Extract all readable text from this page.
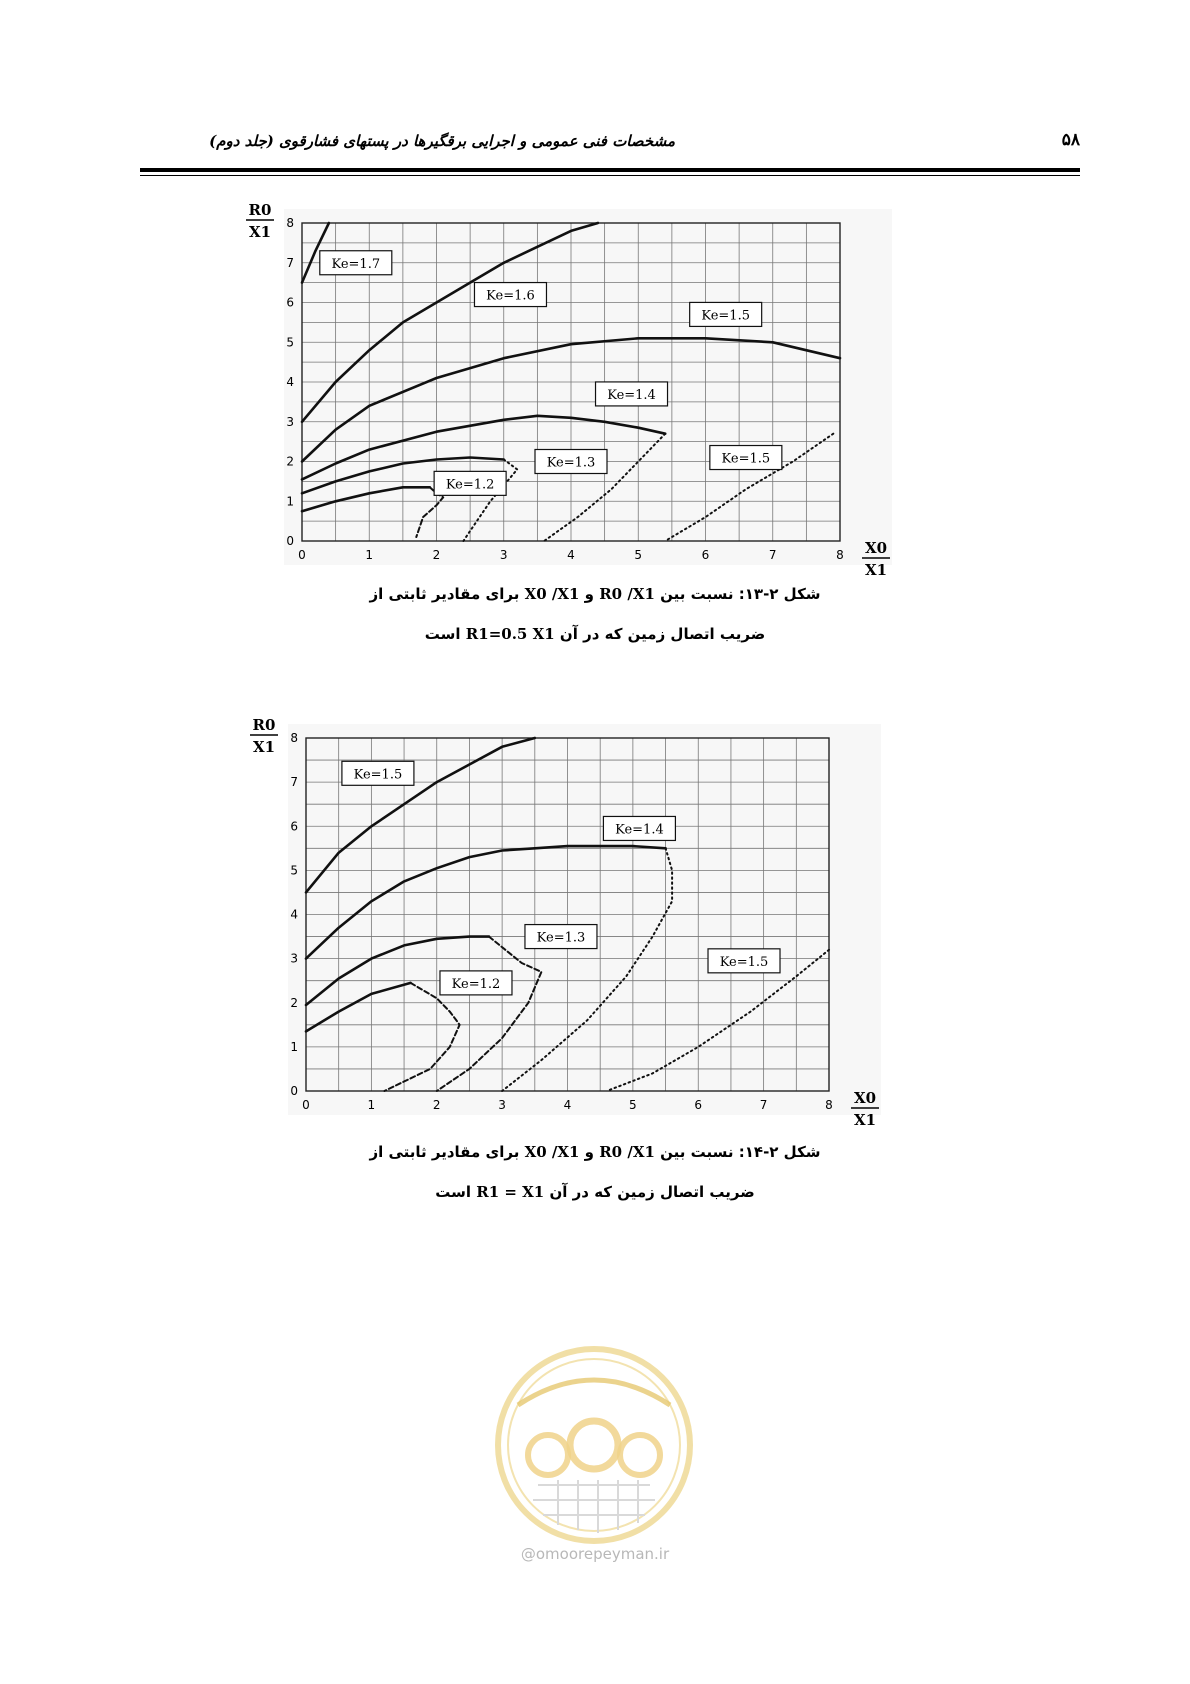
مشخصات فنی عمومی و اجرایی برقگیرها در پستهای فشارقوی (جلد دوم)	۵۸
0	1	2	3	4	5	6	7	8
0
1
2
3
4
5
6
7
8
R0
X1
X0
X1
Ke=1.7
Ke=1.6
Ke=1.5
Ke=1.4
Ke=1.5
Ke=1.3
Ke=1.2
شکل ۲-۱۳: نسبت بین R0 /X1 و X0 /X1 برای مقادیر ثابتی از
ضریب اتصال زمین که در آن R1=0.5 X1 است
0	1	2	3	4	5	6	7	8
0
1
2
3
4
5
6
7
8
R0
X1
X0
X1
Ke=1.5
Ke=1.4
Ke=1.3
Ke=1.5
Ke=1.2
شکل ۲-۱۴: نسبت بین R0 /X1 و X0 /X1 برای مقادیر ثابتی از
ضریب اتصال زمین که در آن R1 = X1 است
@omoorepeyman.ir
